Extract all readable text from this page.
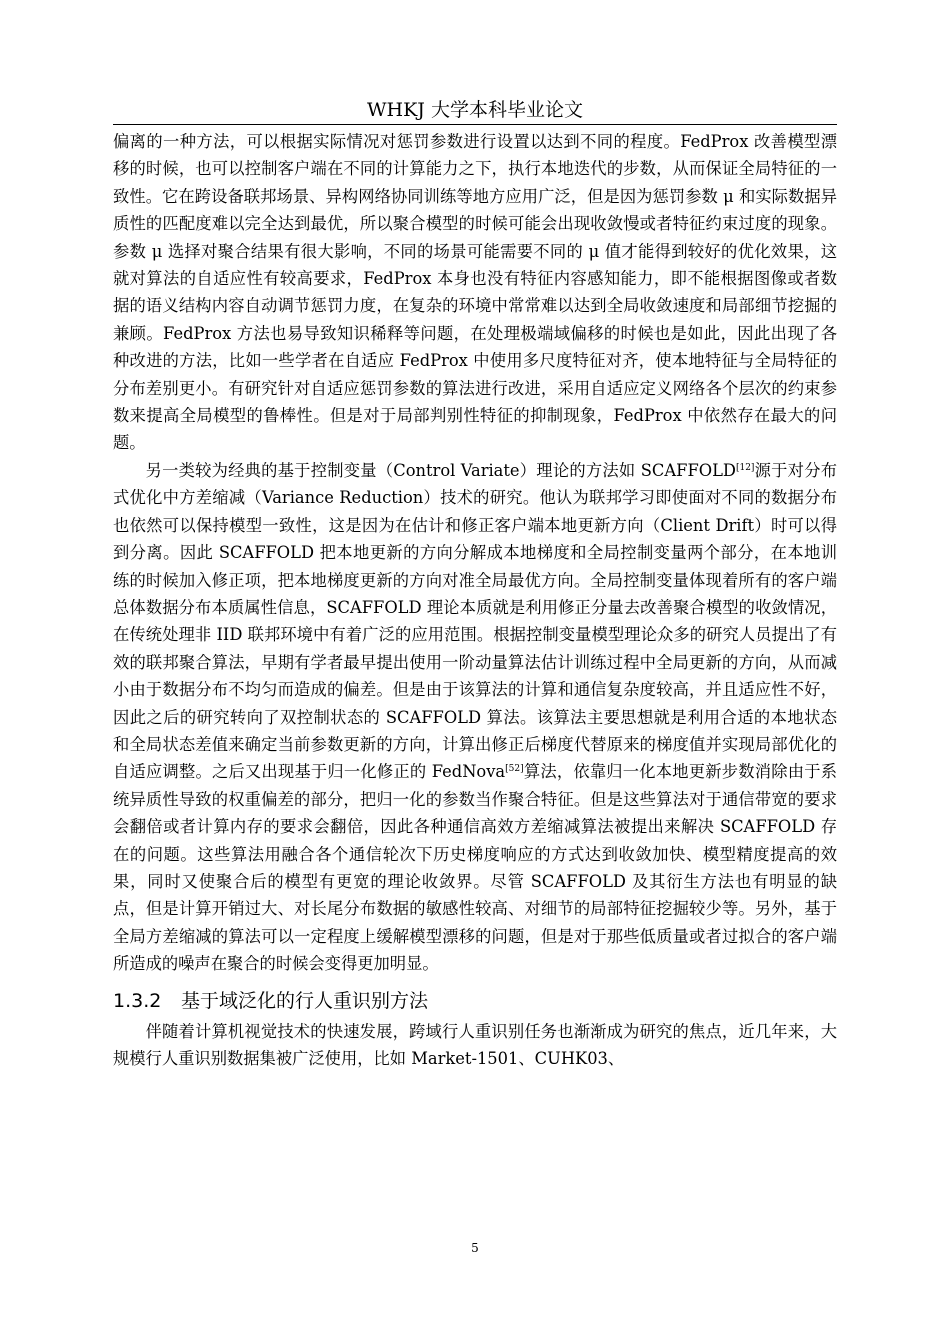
WHKJ 大学本科毕业论文

偏离的一种方法，可以根据实际情况对惩罚参数进行设置以达到不同的程度。FedProx 改善模型漂移的时候，也可以控制客户端在不同的计算能力之下，执行本地迭代的步数，从而保证全局特征的一致性。它在跨设备联邦场景、异构网络协同训练等地方应用广泛，但是因为惩罚参数 μ 和实际数据异质性的匹配度难以完全达到最优，所以聚合模型的时候可能会出现收敛慢或者特征约束过度的现象。参数 μ 选择对聚合结果有很大影响，不同的场景可能需要不同的 μ 值才能得到较好的优化效果，这就对算法的自适应性有较高要求，FedProx 本身也没有特征内容感知能力，即不能根据图像或者数据的语义结构内容自动调节惩罚力度，在复杂的环境中常常难以达到全局收敛速度和局部细节挖掘的兼顾。FedProx 方法也易导致知识稀释等问题，在处理极端域偏移的时候也是如此，因此出现了各种改进的方法，比如一些学者在自适应 FedProx 中使用多尺度特征对齐，使本地特征与全局特征的分布差别更小。有研究针对自适应惩罚参数的算法进行改进，采用自适应定义网络各个层次的约束参数来提高全局模型的鲁棒性。但是对于局部判别性特征的抑制现象，FedProx 中依然存在最大的问题。

另一类较为经典的基于控制变量（Control Variate）理论的方法如 SCAFFOLD[12]源于对分布式优化中方差缩减（Variance Reduction）技术的研究。他认为联邦学习即使面对不同的数据分布也依然可以保持模型一致性，这是因为在估计和修正客户端本地更新方向（Client Drift）时可以得到分离。因此 SCAFFOLD 把本地更新的方向分解成本地梯度和全局控制变量两个部分，在本地训练的时候加入修正项，把本地梯度更新的方向对准全局最优方向。全局控制变量体现着所有的客户端总体数据分布本质属性信息，SCAFFOLD 理论本质就是利用修正分量去改善聚合模型的收敛情况，在传统处理非 IID 联邦环境中有着广泛的应用范围。根据控制变量模型理论众多的研究人员提出了有效的联邦聚合算法，早期有学者最早提出使用一阶动量算法估计训练过程中全局更新的方向，从而减小由于数据分布不均匀而造成的偏差。但是由于该算法的计算和通信复杂度较高，并且适应性不好，因此之后的研究转向了双控制状态的 SCAFFOLD 算法。该算法主要思想就是利用合适的本地状态和全局状态差值来确定当前参数更新的方向，计算出修正后梯度代替原来的梯度值并实现局部优化的自适应调整。之后又出现基于归一化修正的 FedNova[52]算法，依靠归一化本地更新步数消除由于系统异质性导致的权重偏差的部分，把归一化的参数当作聚合特征。但是这些算法对于通信带宽的要求会翻倍或者计算内存的要求会翻倍，因此各种通信高效方差缩减算法被提出来解决 SCAFFOLD 存在的问题。这些算法用融合各个通信轮次下历史梯度响应的方式达到收敛加快、模型精度提高的效果，同时又使聚合后的模型有更宽的理论收敛界。尽管 SCAFFOLD 及其衍生方法也有明显的缺点，但是计算开销过大、对长尾分布数据的敏感性较高、对细节的局部特征挖掘较少等。另外，基于全局方差缩减的算法可以一定程度上缓解模型漂移的问题，但是对于那些低质量或者过拟合的客户端所造成的噪声在聚合的时候会变得更加明显。

1.3.2 基于域泛化的行人重识别方法

伴随着计算机视觉技术的快速发展，跨域行人重识别任务也渐渐成为研究的焦点，近几年来，大规模行人重识别数据集被广泛使用，比如 Market-1501、CUHK03、

5
